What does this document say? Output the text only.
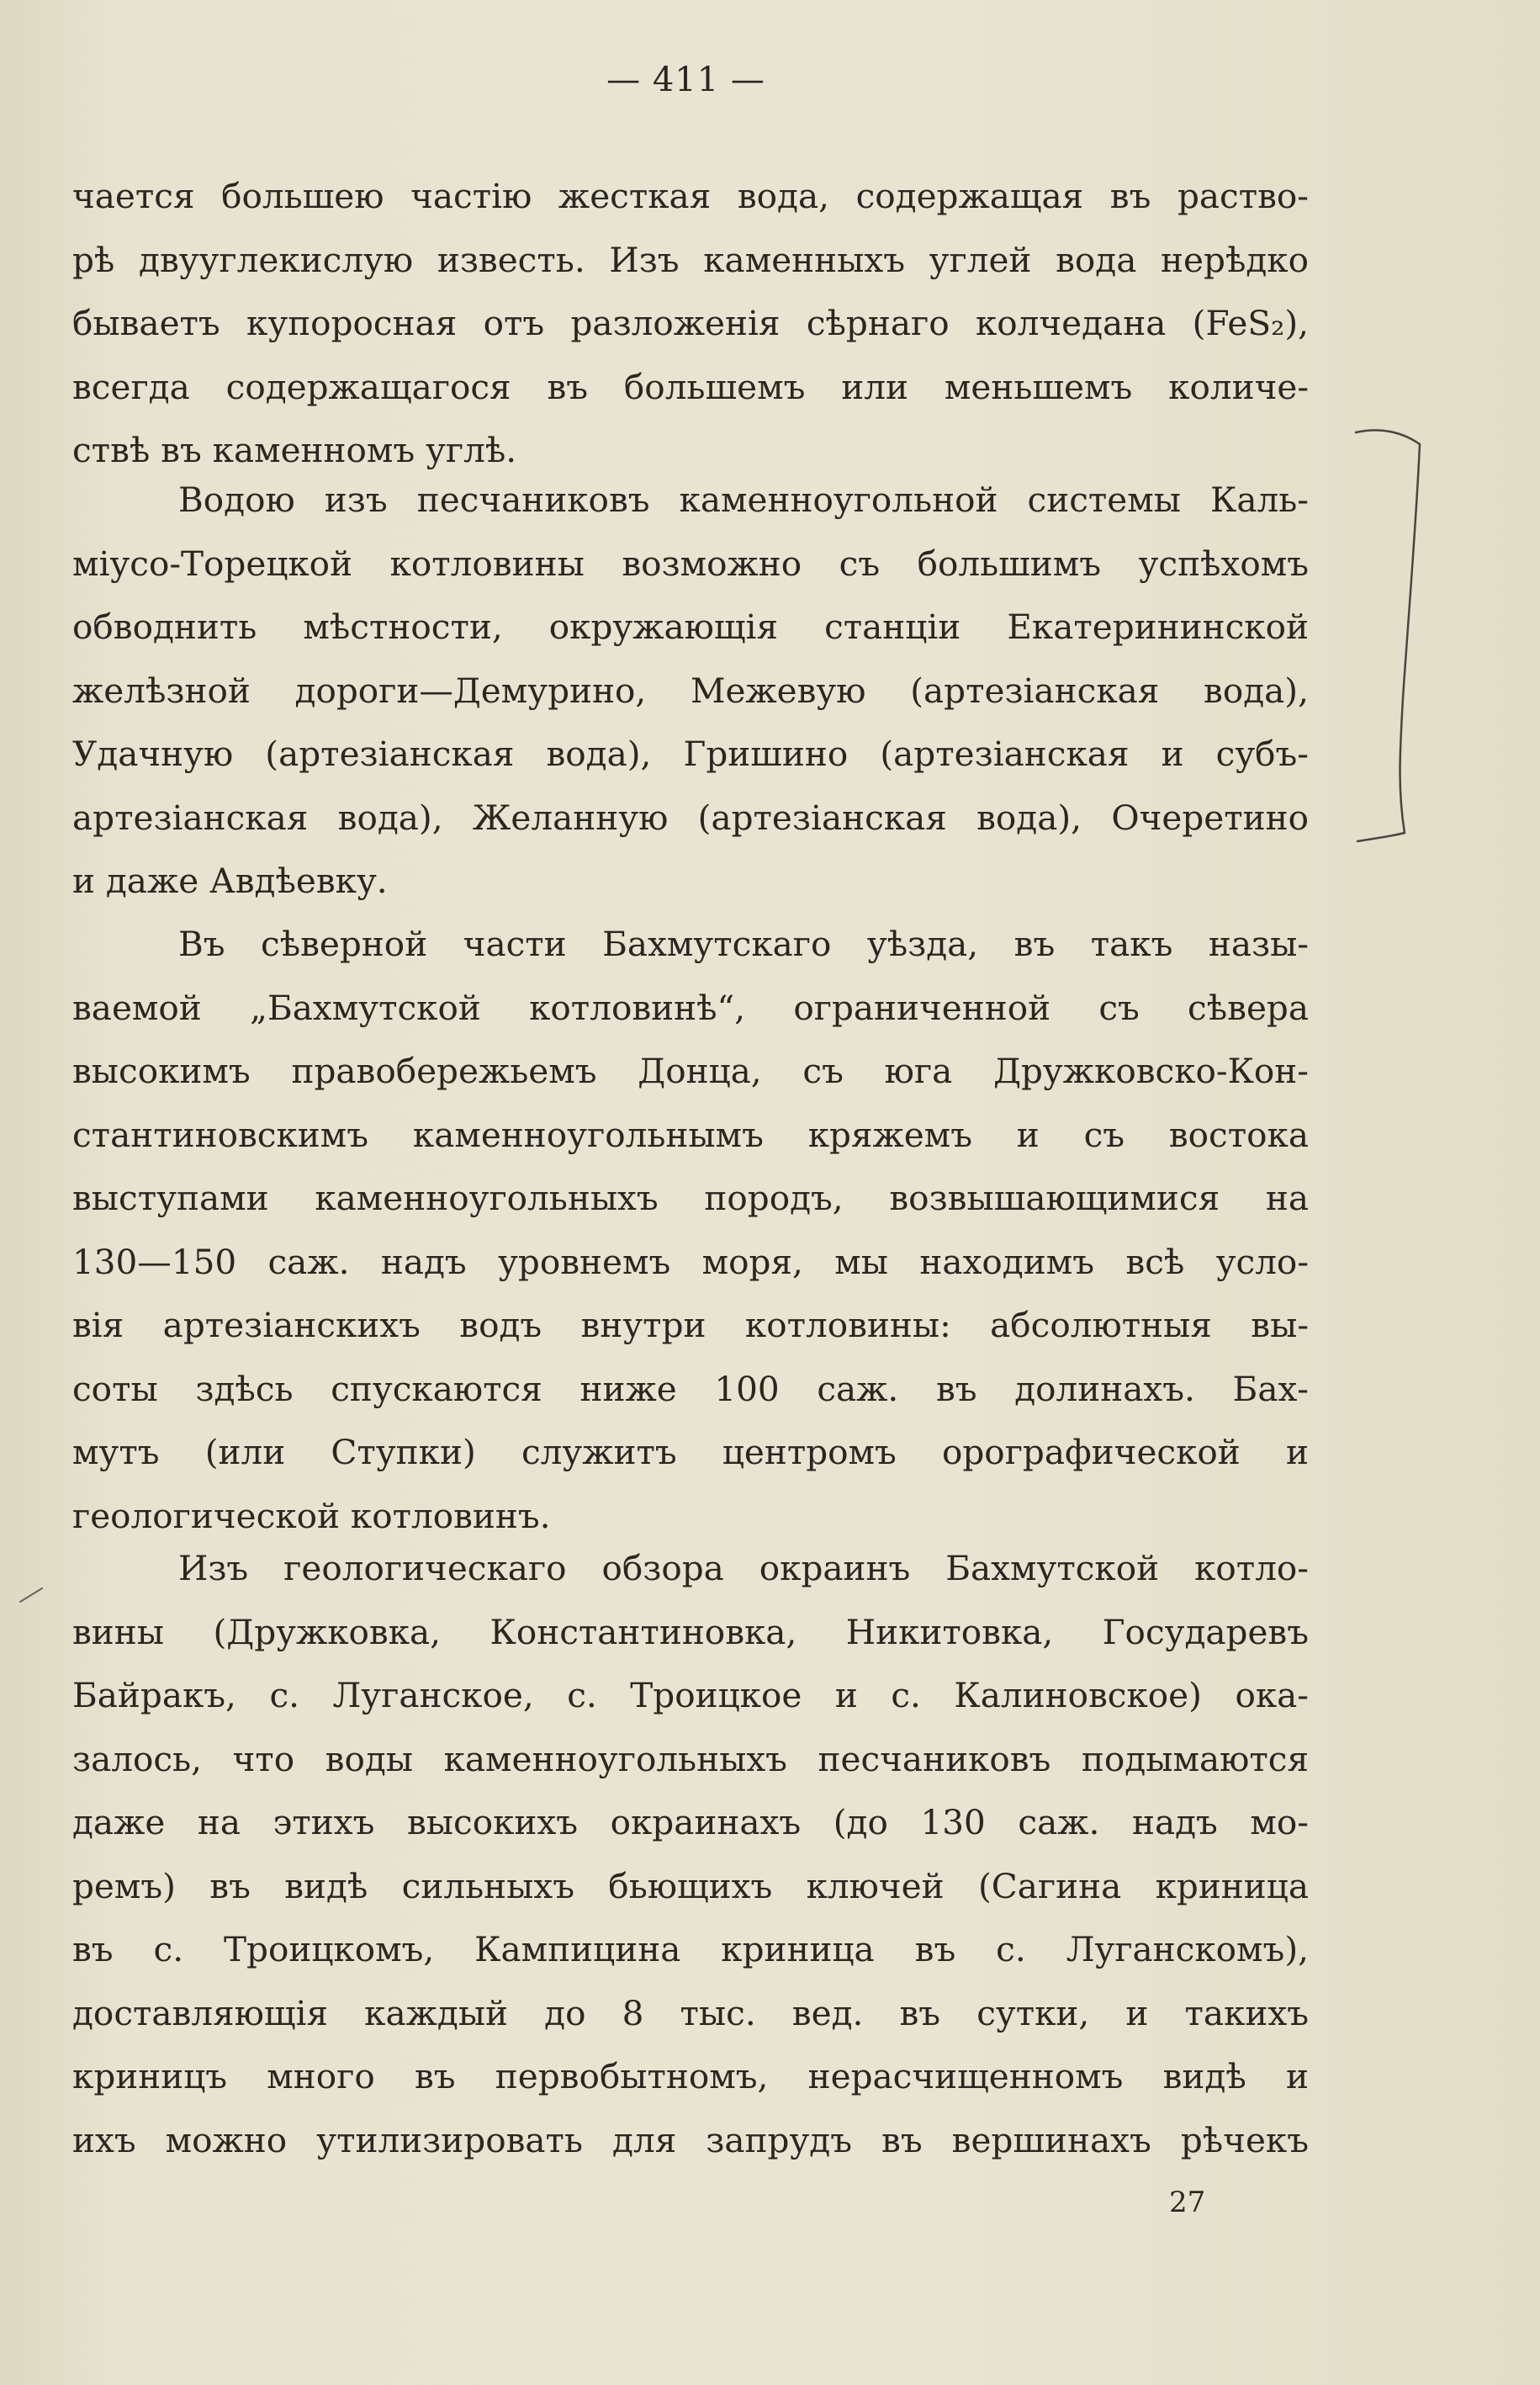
— 411 —
чается большею частію жесткая вода, содержащая въ раство-
рѣ двууглекислую известь. Изъ каменныхъ углей вода нерѣдко
бываетъ купоросная отъ разложенія сѣрнаго колчедана (FeS₂),
всегда содержащагося въ большемъ или меньшемъ количе-
ствѣ въ каменномъ углѣ.
Водою изъ песчаниковъ каменноугольной системы Каль-
міусо-Торецкой котловины возможно съ большимъ успѣхомъ
обводнить мѣстности, окружающія станціи Екатерининской
желѣзной дороги—Демурино, Межевую (артезіанская вода),
Удачную (артезіанская вода), Гришино (артезіанская и субъ-
артезіанская вода), Желанную (артезіанская вода), Очеретино
и даже Авдѣевку.
Въ сѣверной части Бахмутскаго уѣзда, въ такъ назы-
ваемой „Бахмутской котловинѣ“, ограниченной съ сѣвера
высокимъ правобережьемъ Донца, съ юга Дружковско-Кон-
стантиновскимъ каменноугольнымъ кряжемъ и съ востока
выступами каменноугольныхъ породъ, возвышающимися на
130—150 саж. надъ уровнемъ моря, мы находимъ всѣ усло-
вія артезіанскихъ водъ внутри котловины: абсолютныя вы-
соты здѣсь спускаются ниже 100 саж. въ долинахъ. Бах-
мутъ (или Ступки) служитъ центромъ орографической и
геологической котловинъ.
Изъ геологическаго обзора окраинъ Бахмутской котло-
вины (Дружковка, Константиновка, Никитовка, Государевъ
Байракъ, с. Луганское, с. Троицкое и с. Калиновское) ока-
залось, что воды каменноугольныхъ песчаниковъ подымаются
даже на этихъ высокихъ окраинахъ (до 130 саж. надъ мо-
ремъ) въ видѣ сильныхъ бьющихъ ключей (Сагина криница
въ с. Троицкомъ, Кампицина криница въ с. Луганскомъ),
доставляющія каждый до 8 тыс. вед. въ сутки, и такихъ
криницъ много въ первобытномъ, нерасчищенномъ видѣ и
ихъ можно утилизировать для запрудъ въ вершинахъ рѣчекъ
27
